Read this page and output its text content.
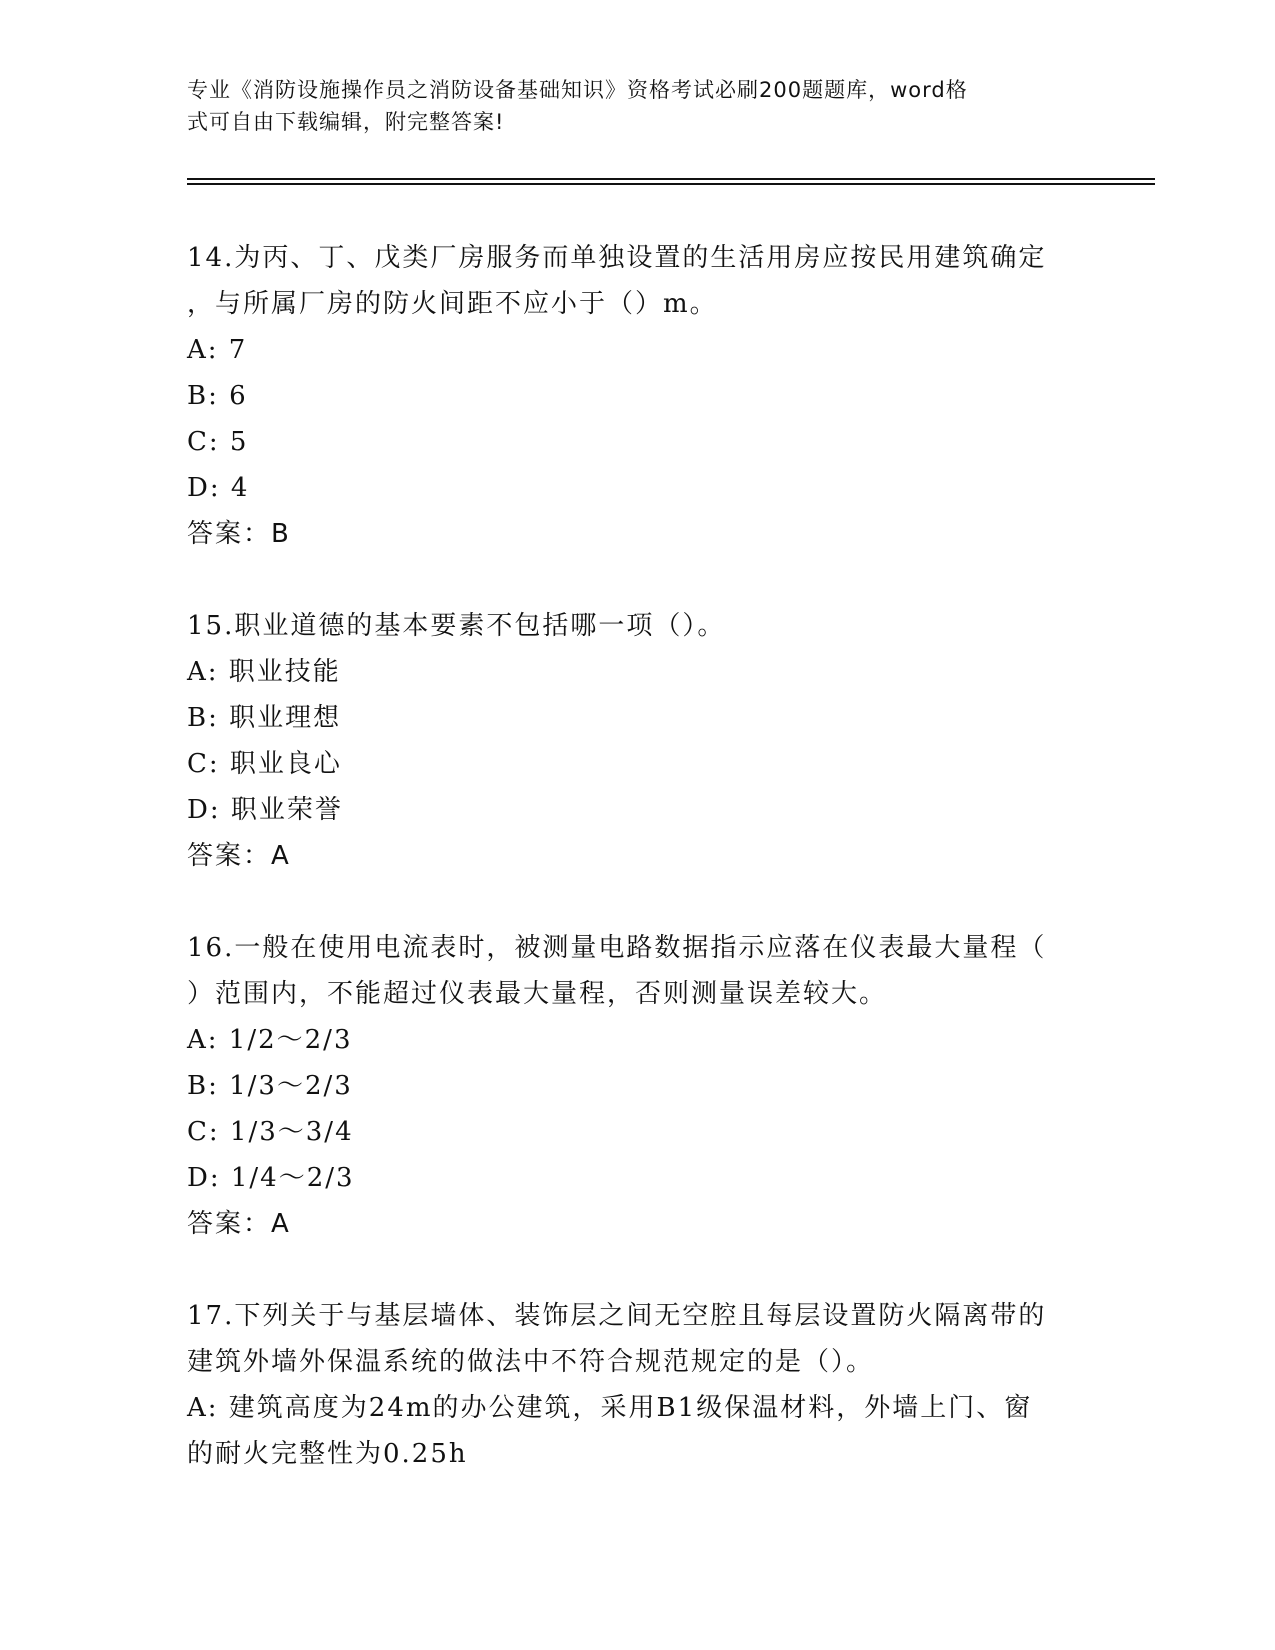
专业《消防设施操作员之消防设备基础知识》资格考试必刷200题题库，word格
式可自由下载编辑，附完整答案!
14.为丙、丁、戊类厂房服务而单独设置的生活用房应按民用建筑确定
，与所属厂房的防火间距不应小于（）m。
A: 7
B: 6
C: 5
D: 4
答案：B
15.职业道德的基本要素不包括哪一项（）。
A: 职业技能
B: 职业理想
C: 职业良心
D: 职业荣誉
答案：A
16.一般在使用电流表时，被测量电路数据指示应落在仪表最大量程（
）范围内，不能超过仪表最大量程，否则测量误差较大。
A: 1/2～2/3
B: 1/3～2/3
C: 1/3～3/4
D: 1/4～2/3
答案：A
17.下列关于与基层墙体、装饰层之间无空腔且每层设置防火隔离带的
建筑外墙外保温系统的做法中不符合规范规定的是（）。
A: 建筑高度为24m的办公建筑，采用B1级保温材料，外墙上门、窗
的耐火完整性为0.25h
